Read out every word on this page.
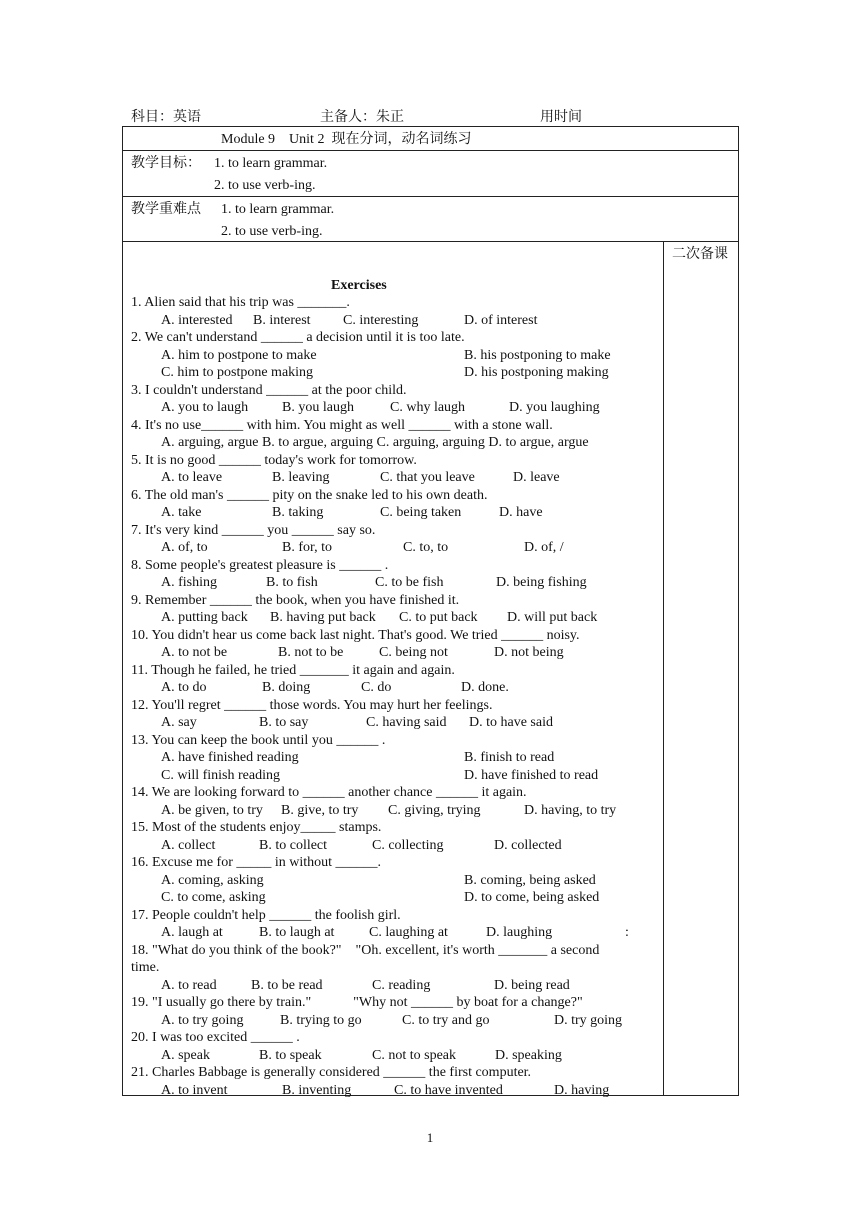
科目：英语	主备人：朱正	用时间
Module 9    Unit 2  现在分词，动名词练习
教学目标： 1. to learn grammar.
2. to use verb-ing.
教学重难点 1. to learn grammar.
2. to use verb-ing.
二次备课
Exercises
1. Alien said that his trip was _______.
A. interested B. interest C. interesting	D. of interest
2. We can't understand ______ a decision until it is too late.
A. him to postpone to make	B. his postponing to make
C. him to postpone making	D. his postponing making
3. I couldn't understand ______ at the poor child.
A. you to laugh B. you laugh	C. why laugh	D. you laughing
4. It's no use______ with him. You might as well ______ with a stone wall.
A. arguing, argue B. to argue, arguing C. arguing, arguing D. to argue, argue
5. It is no good ______ today's work for tomorrow.
A. to leave	B. leaving	C. that you leave	D. leave
6. The old man's ______ pity on the snake led to his own death.
A. take	B. taking	C. being taken	D. have
7. It's very kind ______ you ______ say so.
A. of, to	B. for, to	C. to, to	D. of, /
8. Some people's greatest pleasure is ______ .
A. fishing	B. to fish	C. to be fish	D. being fishing
9. Remember ______ the book, when you have finished it.
A. putting back B. having put back C. to put back D. will put back
10. You didn't hear us come back last night. That's good. We tried ______ noisy.
A. to not be	B. not to be	C. being not	D. not being
11. Though he failed, he tried _______ it again and again.
A. to do	B. doing	C. do	D. done.
12. You'll regret ______ those words. You may hurt her feelings.
A. say	B. to say	C. having said D. to have said
13. You can keep the book until you ______ .
A. have finished reading	B. finish to read
C. will finish reading	D. have finished to read
14. We are looking forward to ______ another chance ______ it again.
A. be given, to try B. give, to try C. giving, trying	D. having, to try
15. Most of the students enjoy_____ stamps.
A. collect	B. to collect	C. collecting	D. collected
16. Excuse me for _____ in without ______.
A. coming, asking	B. coming, being asked
C. to come, asking	D. to come, being asked
17. People couldn't help ______ the foolish girl.
A. laugh at	B. to laugh at C. laughing at	D. laughing	:
18. "What do you think of the book?"    "Oh. excellent, it's worth _______ a second
time.
A. to read B. to be read	C. reading	D. being read
19. "I usually go there by train."            "Why not ______ by boat for a change?"
A. to try going	B. trying to go	C. to try and go	D. try going
20. I was too excited ______ .
A. speak	B. to speak	C. not to speak	D. speaking
21. Charles Babbage is generally considered ______ the first computer.
A. to invent	B. inventing	C. to have invented	D. having
1
